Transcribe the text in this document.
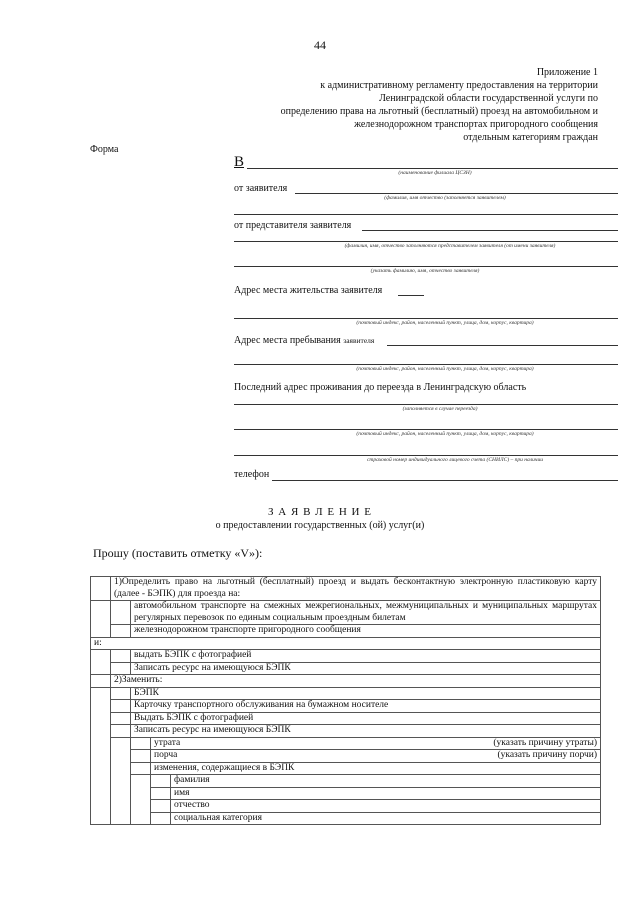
44
Приложение 1
к административному регламенту предоставления на территории
Ленинградской области государственной услуги по
определению права на льготный (бесплатный) проезд на автомобильном и
железнодорожном транспортах пригородного сообщения
отдельным категориям граждан
Форма
В
(наименование филиала ЦСЗН)
от заявителя
(фамилия, имя отчество (заполняется заявителем)
от представителя заявителя
(фамилия, имя, отчество заполняются представителем заявителя (от имени заявителя)
(указать фамилию, имя, отчество заявителя)
Адрес места жительства заявителя
(почтовый индекс, район, населенный пункт, улица, дом, корпус, квартира)
Адрес места пребывания заявителя
(почтовый индекс, район, населенный пункт, улица, дом, корпус, квартира)
Последний адрес проживания до переезда в Ленинградскую область
(заполняется в случае переезда)
(почтовый индекс, район, населенный пункт, улица, дом, корпус, квартира)
страховой номер индивидуального лицевого счета (СНИЛС) – при наличии
телефон
З А Я В Л Е Н И Е
о предоставлении государственных (ой) услуг(и)
Прошу (поставить отметку «V»):
	1)Определить право на льготный (бесплатный) проезд и выдать бесконтактную электронную пластиковую карту (далее - БЭПК) для проезда на:			
		автомобильном транспорте на смежных межрегиональных, межмуниципальных и муниципальных маршрутах регулярных перевозок по единым социальным проездным билетам		
		железнодорожном транспорте пригородного сообщения		
и:				
		выдать БЭПК с фотографией		
		Записать ресурс на имеющуюся БЭПК		
	2)Заменить:			
		БЭПК		
		Карточку транспортного обслуживания на бумажном носителе		
		Выдать БЭПК с фотографией		
		Записать ресурс на имеющуюся БЭПК		
			утрата (указать причину утраты)	

			порча (указать причину порчи)	

			изменения, содержащиеся в БЭПК	
				фамилия
				имя
				отчество
				социальная категория
